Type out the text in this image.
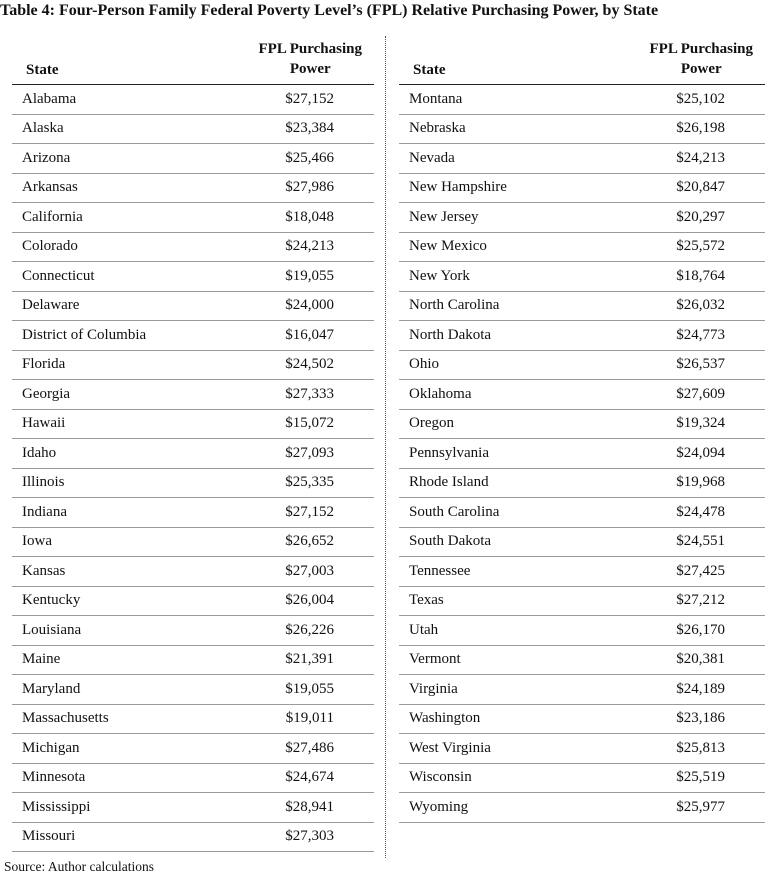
Table 4: Four-Person Family Federal Poverty Level’s (FPL) Relative Purchasing Power, by State
State
FPL Purchasing
Power
Alabama	$27,152
Alaska	$23,384
Arizona	$25,466
Arkansas	$27,986
California	$18,048
Colorado	$24,213
Connecticut	$19,055
Delaware	$24,000
District of Columbia	$16,047
Florida	$24,502
Georgia	$27,333
Hawaii	$15,072
Idaho	$27,093
Illinois	$25,335
Indiana	$27,152
Iowa	$26,652
Kansas	$27,003
Kentucky	$26,004
Louisiana	$26,226
Maine	$21,391
Maryland	$19,055
Massachusetts	$19,011
Michigan	$27,486
Minnesota	$24,674
Mississippi	$28,941
Missouri	$27,303
State
FPL Purchasing
Power
Montana	$25,102
Nebraska	$26,198
Nevada	$24,213
New Hampshire	$20,847
New Jersey	$20,297
New Mexico	$25,572
New York	$18,764
North Carolina	$26,032
North Dakota	$24,773
Ohio	$26,537
Oklahoma	$27,609
Oregon	$19,324
Pennsylvania	$24,094
Rhode Island	$19,968
South Carolina	$24,478
South Dakota	$24,551
Tennessee	$27,425
Texas	$27,212
Utah	$26,170
Vermont	$20,381
Virginia	$24,189
Washington	$23,186
West Virginia	$25,813
Wisconsin	$25,519
Wyoming	$25,977
Source: Author calculations
